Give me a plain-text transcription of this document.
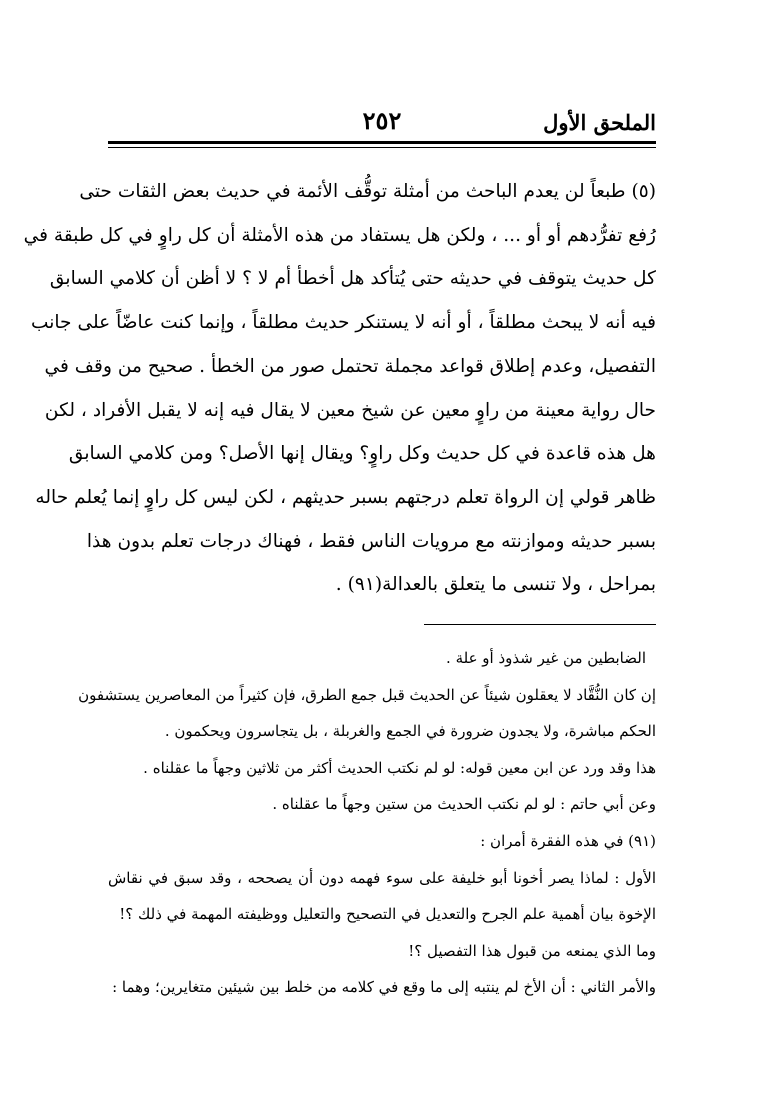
الملحق الأول
٢٥٢
(٥) طبعاً لن يعدم الباحث من أمثلة توقُّف الأئمة في حديث بعض الثقات حتى
رُفع تفرُّدهم أو أو ... ، ولكن هل يستفاد من هذه الأمثلة أن كل راوٍ في كل طبقة في
كل حديث يتوقف في حديثه حتى يُتأكد هل أخطأ أم لا ؟ لا أظن أن كلامي السابق
فيه أنه لا يبحث مطلقاً ، أو أنه لا يستنكر حديث مطلقاً ، وإنما كنت عاضّاً على جانب
التفصيل، وعدم إطلاق قواعد مجملة تحتمل صور من الخطأ . صحيح من وقف في
حال رواية معينة من راوٍ معين عن شيخ معين لا يقال فيه إنه لا يقبل الأفراد ، لكن
هل هذه قاعدة في كل حديث وكل راوٍ؟ ويقال إنها الأصل؟ ومن كلامي السابق
ظاهر قولي إن الرواة تعلم درجتهم بسبر حديثهم ، لكن ليس كل راوٍ إنما يُعلم حاله
بسبر حديثه وموازنته مع مرويات الناس فقط ، فهناك درجات تعلم بدون هذا
بمراحل ، ولا تنسى ما يتعلق بالعدالة(٩١) .
الضابطين من غير شذوذ أو علة .
إن كان النُّقَّاد لا يعقلون شيئاً عن الحديث قبل جمع الطرق، فإن كثيراً من المعاصرين يستشفون
الحكم مباشرة، ولا يجدون ضرورة في الجمع والغربلة ، بل يتجاسرون ويحكمون .
هذا وقد ورد عن ابن معين قوله: لو لم نكتب الحديث أكثر من ثلاثين وجهاً ما عقلناه .
وعن أبي حاتم : لو لم نكتب الحديث من ستين وجهاً ما عقلناه .
(٩١) في هذه الفقرة أمران :
الأول : لماذا يصر أخونا أبو خليفة على سوء فهمه دون أن يصححه ، وقد سبق في نقاش
الإخوة بيان أهمية علم الجرح والتعديل في التصحيح والتعليل ووظيفته المهمة في ذلك ؟!
وما الذي يمنعه من قبول هذا التفصيل ؟!
والأمر الثاني : أن الأخ لم ينتبه إلى ما وقع في كلامه من خلط بين شيئين متغايرين؛ وهما :
